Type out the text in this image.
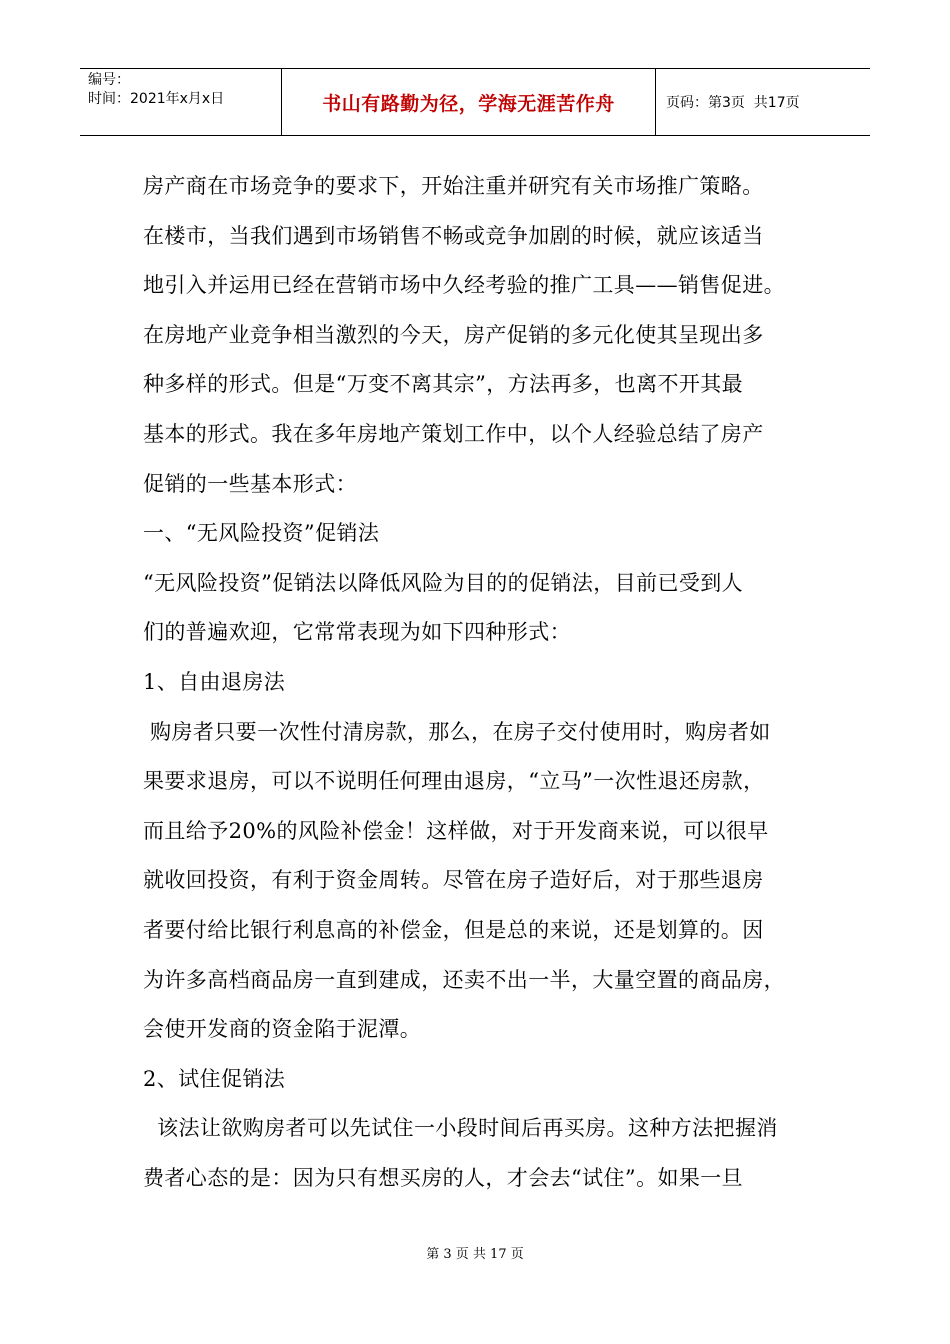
编号：
时间：2021年x月x日	书山有路勤为径，学海无涯苦作舟	页码：第3页  共17页
房产商在市场竞争的要求下，开始注重并研究有关市场推广策略。
在楼市，当我们遇到市场销售不畅或竞争加剧的时候，就应该适当
地引入并运用已经在营销市场中久经考验的推广工具——销售促进。
在房地产业竞争相当激烈的今天，房产促销的多元化使其呈现出多
种多样的形式。但是“万变不离其宗”，方法再多，也离不开其最
基本的形式。我在多年房地产策划工作中，以个人经验总结了房产
促销的一些基本形式：
一、“无风险投资”促销法
“无风险投资”促销法以降低风险为目的的促销法，目前已受到人
们的普遍欢迎，它常常表现为如下四种形式：
1、自由退房法
购房者只要一次性付清房款，那么，在房子交付使用时，购房者如
果要求退房，可以不说明任何理由退房，“立马”一次性退还房款，
而且给予20%的风险补偿金！这样做，对于开发商来说，可以很早
就收回投资，有利于资金周转。尽管在房子造好后，对于那些退房
者要付给比银行利息高的补偿金，但是总的来说，还是划算的。因
为许多高档商品房一直到建成，还卖不出一半，大量空置的商品房，
会使开发商的资金陷于泥潭。
2、试住促销法
该法让欲购房者可以先试住一小段时间后再买房。这种方法把握消
费者心态的是：因为只有想买房的人，才会去“试住”。如果一旦
第 3 页 共 17 页
